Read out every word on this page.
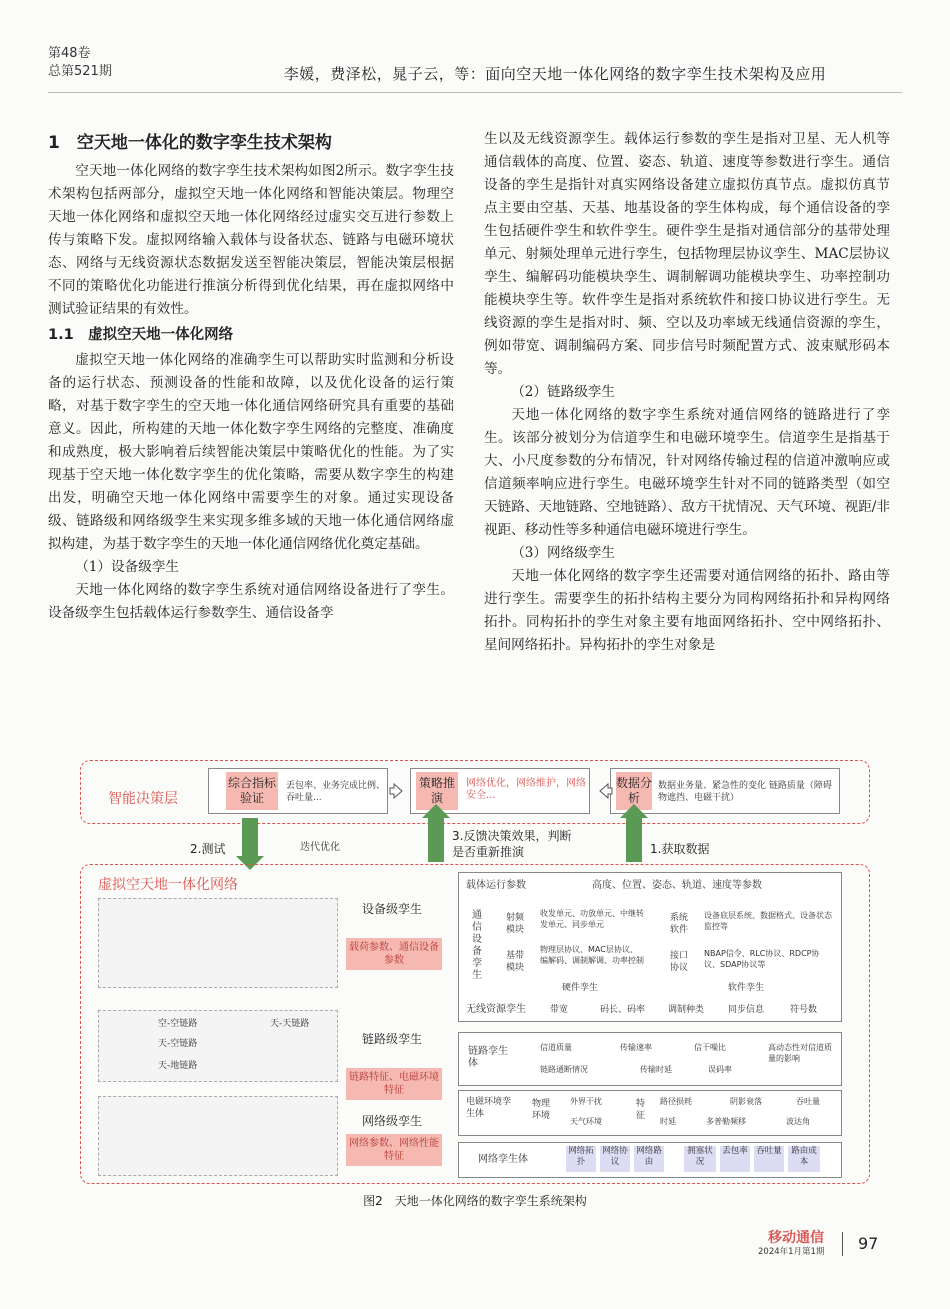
第48卷
总第521期	李媛，费泽松，晁子云，等：面向空天地一体化网络的数字孪生技术架构及应用
1　空天地一体化的数字孪生技术架构

空天地一体化网络的数字孪生技术架构如图2所示。数字孪生技术架构包括两部分，虚拟空天地一体化网络和智能决策层。物理空天地一体化网络和虚拟空天地一体化网络经过虚实交互进行参数上传与策略下发。虚拟网络输入载体与设备状态、链路与电磁环境状态、网络与无线资源状态数据发送至智能决策层，智能决策层根据不同的策略优化功能进行推演分析得到优化结果，再在虚拟网络中测试验证结果的有效性。

1.1　虚拟空天地一体化网络

虚拟空天地一体化网络的准确孪生可以帮助实时监测和分析设备的运行状态、预测设备的性能和故障，以及优化设备的运行策略，对基于数字孪生的空天地一体化通信网络研究具有重要的基础意义。因此，所构建的天地一体化数字孪生网络的完整度、准确度和成熟度，极大影响着后续智能决策层中策略优化的性能。为了实现基于空天地一体化数字孪生的优化策略，需要从数字孪生的构建出发，明确空天地一体化网络中需要孪生的对象。通过实现设备级、链路级和网络级孪生来实现多维多域的天地一体化通信网络虚拟构建，为基于数字孪生的天地一体化通信网络优化奠定基础。

（1）设备级孪生

天地一体化网络的数字孪生系统对通信网络设备进行了孪生。设备级孪生包括载体运行参数孪生、通信设备孪

生以及无线资源孪生。载体运行参数的孪生是指对卫星、无人机等通信载体的高度、位置、姿态、轨道、速度等参数进行孪生。通信设备的孪生是指针对真实网络设备建立虚拟仿真节点。虚拟仿真节点主要由空基、天基、地基设备的孪生体构成，每个通信设备的孪生包括硬件孪生和软件孪生。硬件孪生是指对通信部分的基带处理单元、射频处理单元进行孪生，包括物理层协议孪生、MAC层协议孪生、编解码功能模块孪生、调制解调功能模块孪生、功率控制功能模块孪生等。软件孪生是指对系统软件和接口协议进行孪生。无线资源的孪生是指对时、频、空以及功率域无线通信资源的孪生，例如带宽、调制编码方案、同步信号时频配置方式、波束赋形码本等。

（2）链路级孪生

天地一体化网络的数字孪生系统对通信网络的链路进行了孪生。该部分被划分为信道孪生和电磁环境孪生。信道孪生是指基于大、小尺度参数的分布情况，针对网络传输过程的信道冲激响应或信道频率响应进行孪生。电磁环境孪生针对不同的链路类型（如空天链路、天地链路、空地链路）、敌方干扰情况、天气环境、视距/非视距、移动性等多种通信电磁环境进行孪生。

（3）网络级孪生

天地一体化网络的数字孪生还需要对通信网络的拓扑、路由等进行孪生。需要孪生的拓扑结构主要分为同构网络拓扑和异构网络拓扑。同构拓扑的孪生对象主要有地面网络拓扑、空中网络拓扑、星间网络拓扑。异构拓扑的孪生对象是

智能决策层
综合指标验证
丢包率、业务完成比例、吞吐量...
策略推演
网络优化，网络维护，网络安全...
数据分析
数据业务量、紧急性的变化 链路质量（障碍物遮挡、电磁干扰）
2.测试	迭代优化
3.反馈决策效果，判断是否重新推演	1.获取数据
虚拟空天地一体化网络
空-空链路
天-空链路
天-天链路
天-地链路
设备级孪生
载荷参数、通信设备参数
链路级孪生
链路特征、电磁环境特征
网络级孪生
网络参数、网络性能特征
载体运行参数	高度、位置、姿态、轨道、速度等参数
通信设备孪生
射频模块
收发单元、功放单元、中继转发单元、同步单元
基带模块
物理层协议、MAC层协议、编解码、调制解调、功率控制
硬件孪生
系统软件
设备底层系统、数据格式、设备状态监控等
接口协议
NBAP信令、RLC协议、RDCP协议、SDAP协议等
软件孪生
无线资源孪生	带宽	码长、码率	调制种类	同步信息	符号数
链路孪生体
信道质量	传输速率	信干噪比
链路通断情况	传输时延	误码率
高动态性对信道质量的影响
电磁环境孪生体
物理环境
外界干扰
天气环境
特征
路径损耗	阴影衰落	吞吐量
时延	多普勒频移	波达角
网络孪生体
网络拓扑
网络协议
网络路由
拥塞状况
丢包率 吞吐量	路由成本
图2　天地一体化网络的数字孪生系统架构
移动通信
2024年1月第1期 97
